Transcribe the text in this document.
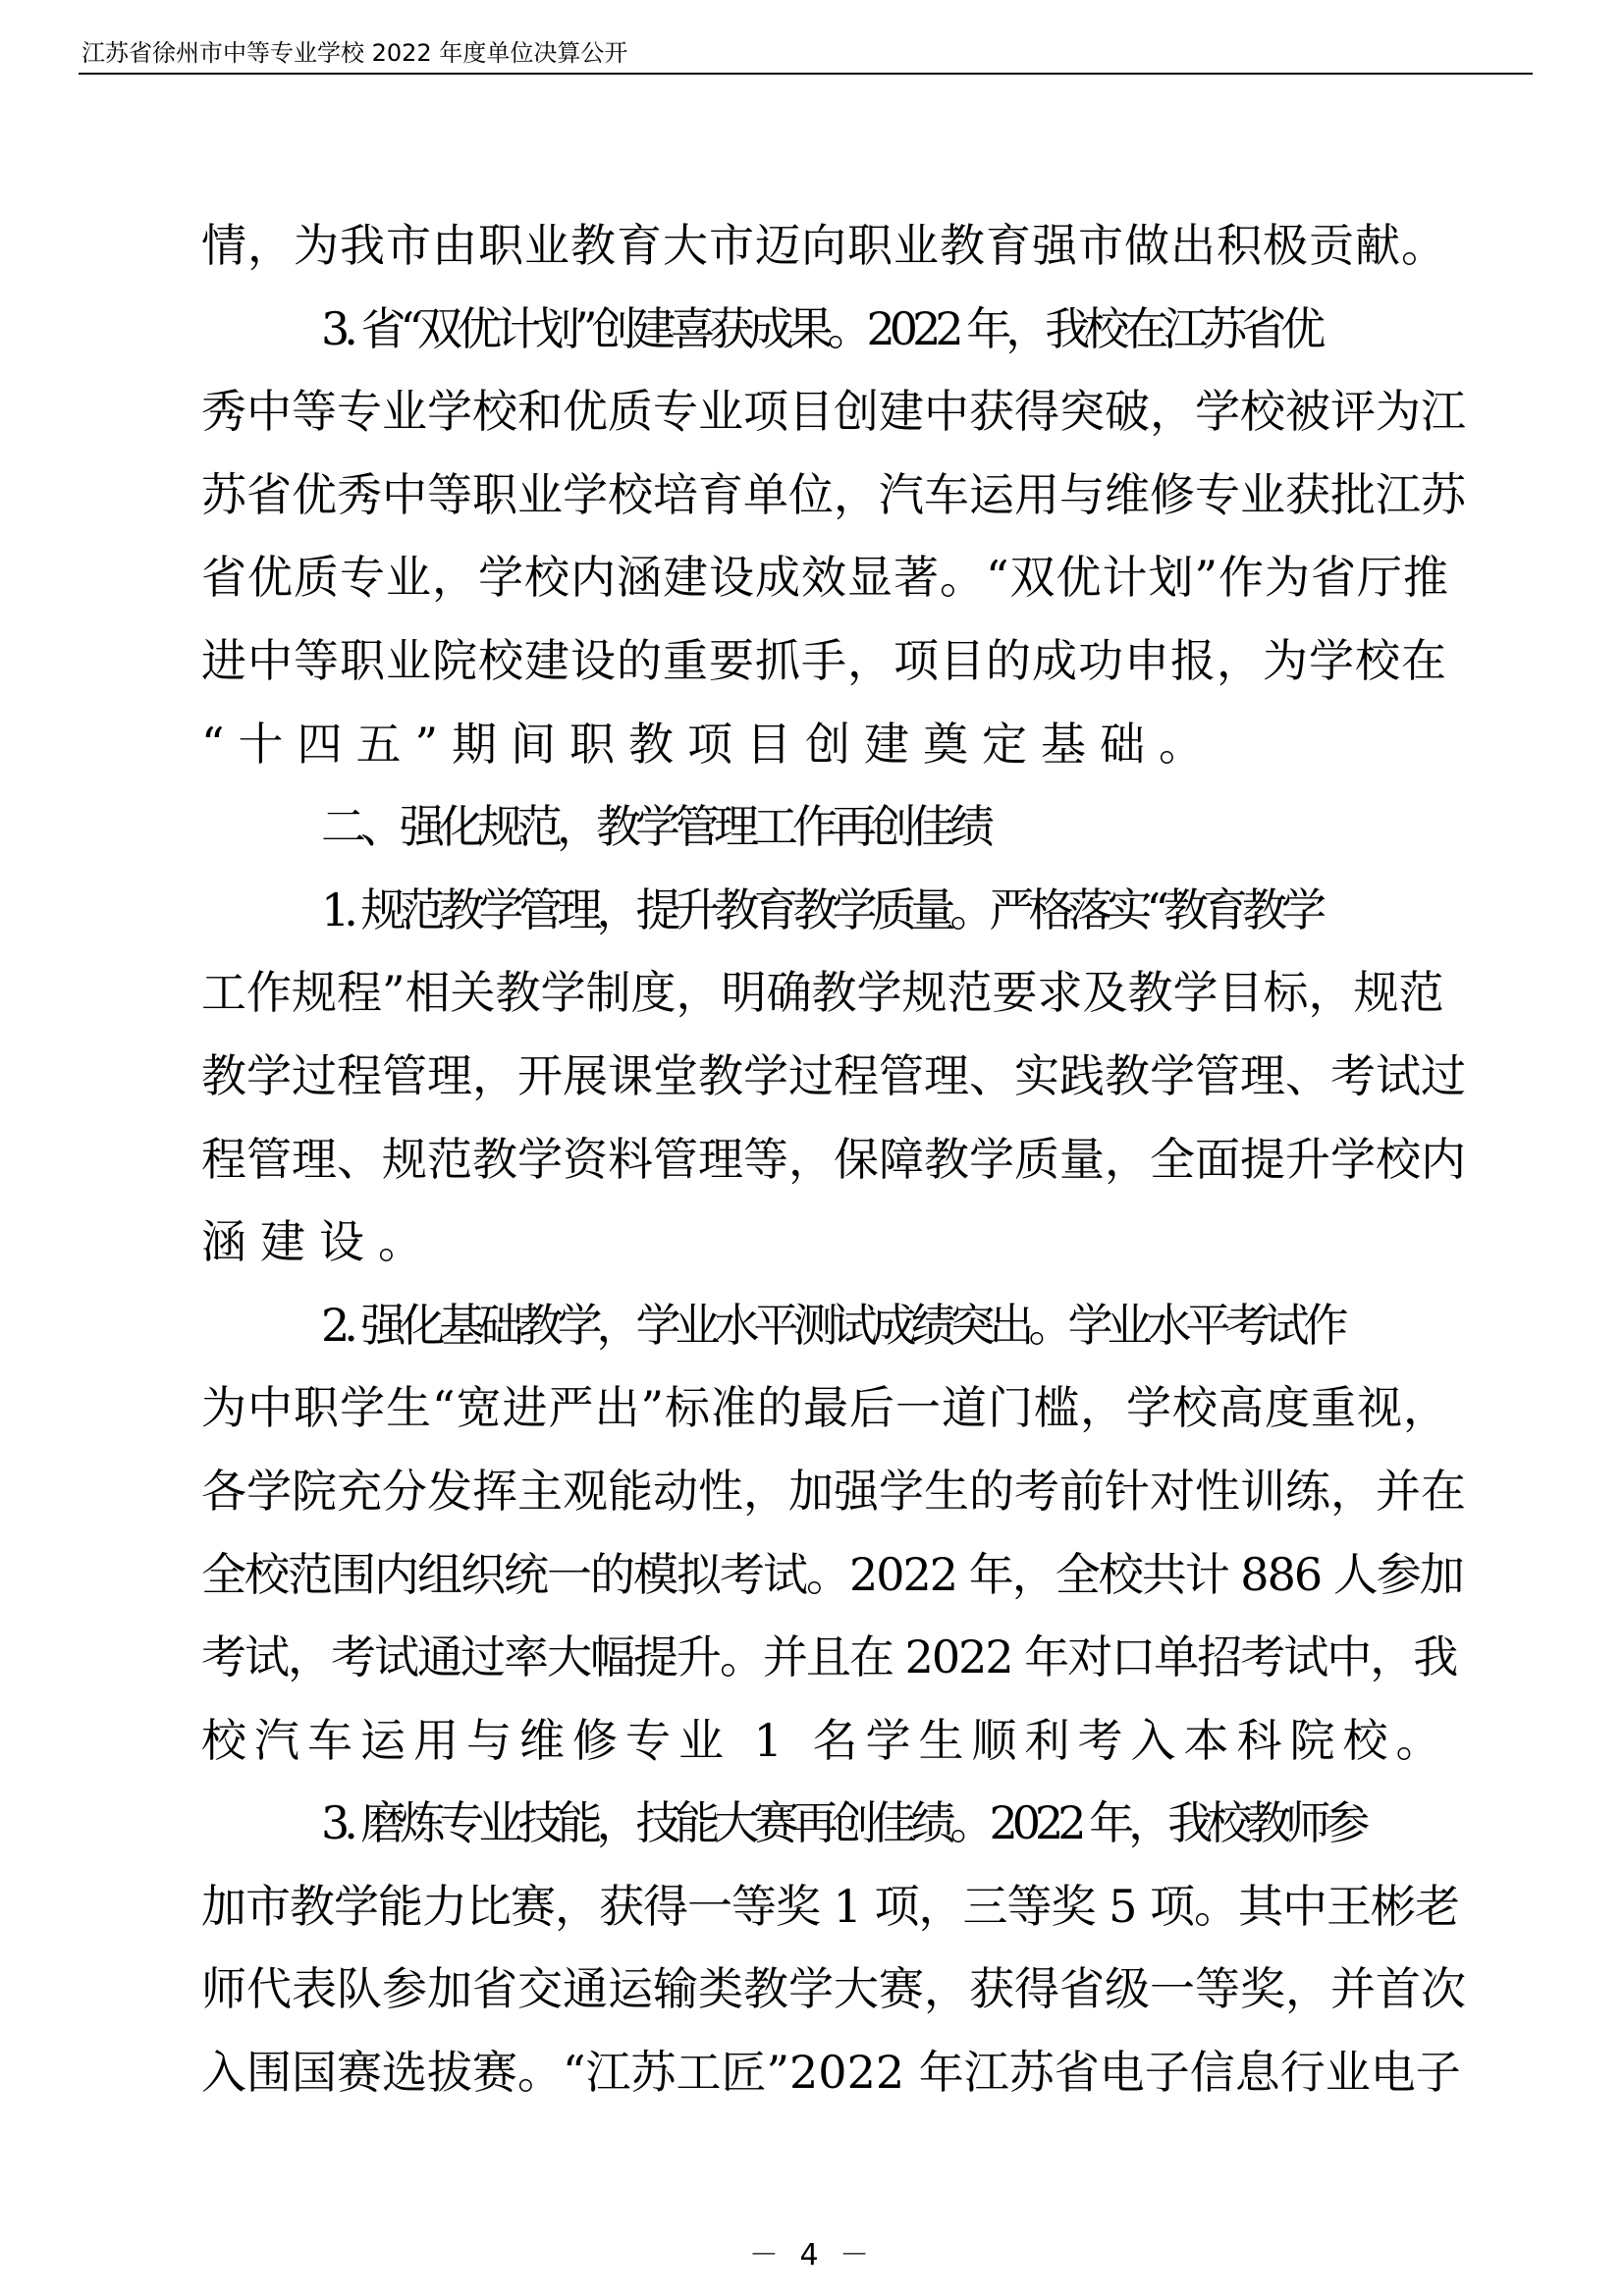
江苏省徐州市中等专业学校 2022 年度单位决算公开
情，为我市由职业教育大市迈向职业教育强市做出积极贡献。
3. 省“双优计划”创建喜获成果。2022 年，我校在江苏省优
秀中等专业学校和优质专业项目创建中获得突破，学校被评为江
苏省优秀中等职业学校培育单位，汽车运用与维修专业获批江苏
省优质专业，学校内涵建设成效显著。“双优计划”作为省厅推
进中等职业院校建设的重要抓手，项目的成功申报，为学校在
“十四五”期间职教项目创建奠定基础。
二、强化规范，教学管理工作再创佳绩
1. 规范教学管理，提升教育教学质量。严格落实“教育教学
工作规程”相关教学制度，明确教学规范要求及教学目标，规范
教学过程管理，开展课堂教学过程管理、实践教学管理、考试过
程管理、规范教学资料管理等，保障教学质量，全面提升学校内
涵建设。
2. 强化基础教学，学业水平测试成绩突出。学业水平考试作
为中职学生“宽进严出”标准的最后一道门槛，学校高度重视，
各学院充分发挥主观能动性，加强学生的考前针对性训练，并在
全校范围内组织统一的模拟考试。2022 年，全校共计 886 人参加
考试，考试通过率大幅提升。并且在 2022 年对口单招考试中，我
校汽车运用与维修专业 1 名学生顺利考入本科院校。
3. 磨炼专业技能，技能大赛再创佳绩。2022 年，我校教师参
加市教学能力比赛，获得一等奖 1 项，三等奖 5 项。其中王彬老
师代表队参加省交通运输类教学大赛，获得省级一等奖，并首次
入围国赛选拔赛。“江苏工匠”2022 年江苏省电子信息行业电子
－ 4 －
